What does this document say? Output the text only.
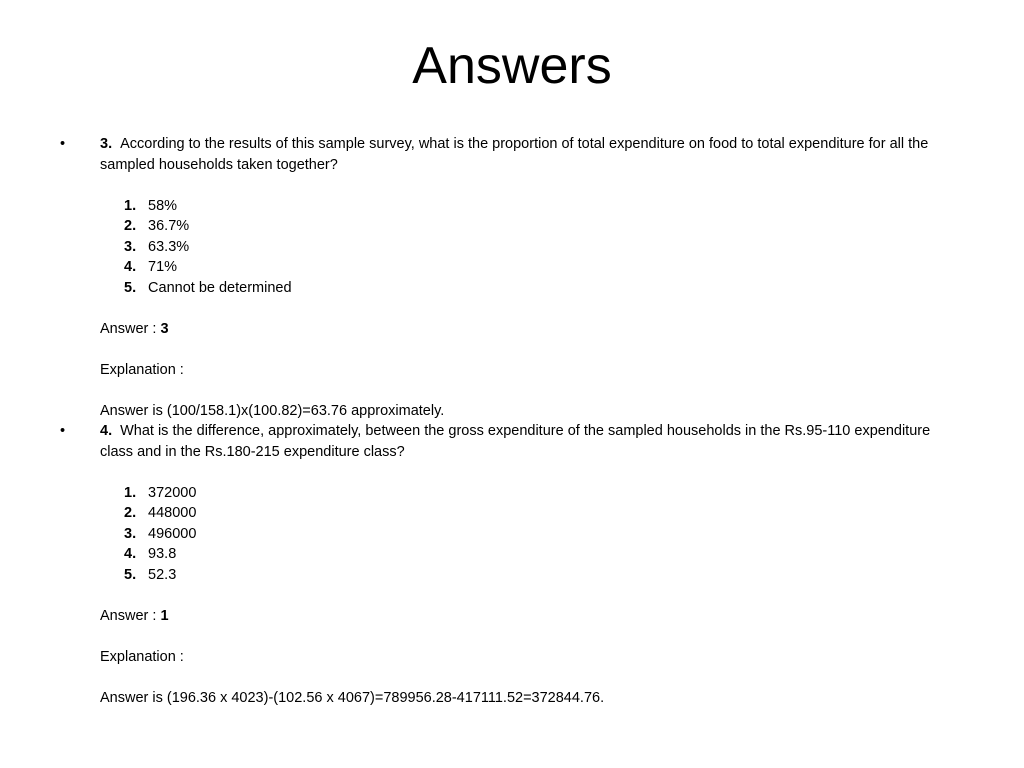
Answers
•	3. According to the results of this sample survey, what is the proportion of total expenditure on food to total expenditure for all the sampled households taken together?

1. 58%
2. 36.7%
3. 63.3%
4. 71%
5. Cannot be determined

Answer : 3

Explanation :

Answer is (100/158.1)x(100.82)=63.76 approximately.

•	4. What is the difference, approximately, between the gross expenditure of the sampled households in the Rs.95-110 expenditure class and in the Rs.180-215 expenditure class?

1. 372000
2. 448000
3. 496000
4. 93.8
5. 52.3

Answer : 1

Explanation :

Answer is (196.36 x 4023)-(102.56 x 4067)=789956.28-417111.52=372844.76.
